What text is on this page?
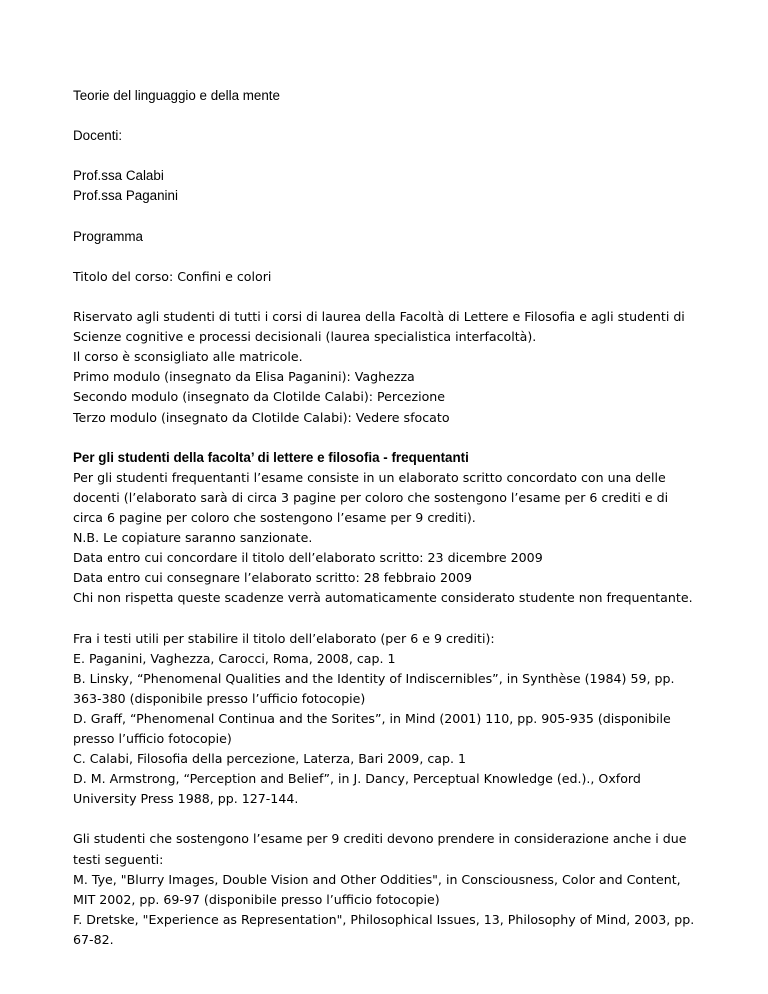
Teorie del linguaggio e della mente
Docenti:
Prof.ssa Calabi
Prof.ssa Paganini
Programma
Titolo del corso: Confini e colori
Riservato agli studenti di tutti i corsi di laurea della Facoltà di Lettere e Filosofia e agli studenti di
Scienze cognitive e processi decisionali (laurea specialistica interfacoltà).
Il corso è sconsigliato alle matricole.
Primo modulo (insegnato da Elisa Paganini): Vaghezza
Secondo modulo (insegnato da Clotilde Calabi): Percezione
Terzo modulo (insegnato da Clotilde Calabi): Vedere sfocato
Per gli studenti della facolta’ di lettere e filosofia - frequentanti
Per gli studenti frequentanti l’esame consiste in un elaborato scritto concordato con una delle
docenti (l’elaborato sarà di circa 3 pagine per coloro che sostengono l’esame per 6 crediti e di
circa 6 pagine per coloro che sostengono l’esame per 9 crediti).
N.B. Le copiature saranno sanzionate.
Data entro cui concordare il titolo dell’elaborato scritto: 23 dicembre 2009
Data entro cui consegnare l’elaborato scritto: 28 febbraio 2009
Chi non rispetta queste scadenze verrà automaticamente considerato studente non frequentante.
Fra i testi utili per stabilire il titolo dell’elaborato (per 6 e 9 crediti):
E. Paganini, Vaghezza, Carocci, Roma, 2008, cap. 1
B. Linsky, “Phenomenal Qualities and the Identity of Indiscernibles”, in Synthèse (1984) 59, pp.
363-380 (disponibile presso l’ufficio fotocopie)
D. Graff, “Phenomenal Continua and the Sorites”, in Mind (2001) 110, pp. 905-935 (disponibile
presso l’ufficio fotocopie)
C. Calabi, Filosofia della percezione, Laterza, Bari 2009, cap. 1
D. M. Armstrong, “Perception and Belief”, in J. Dancy, Perceptual Knowledge (ed.)., Oxford
University Press 1988, pp. 127-144.
Gli studenti che sostengono l’esame per 9 crediti devono prendere in considerazione anche i due
testi seguenti:
M. Tye, "Blurry Images, Double Vision and Other Oddities", in Consciousness, Color and Content,
MIT 2002, pp. 69-97 (disponibile presso l’ufficio fotocopie)
F. Dretske, "Experience as Representation", Philosophical Issues, 13, Philosophy of Mind, 2003, pp.
67-82.
